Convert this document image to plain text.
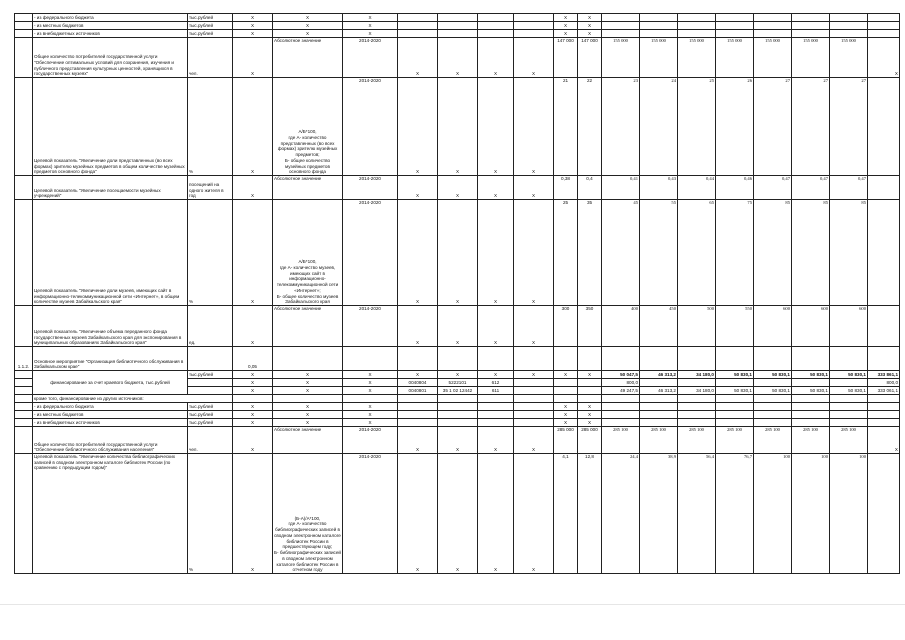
	- из федерального бюджета	тыс.рублей	Х	Х	Х					Х	Х								
	- из местных бюджетов	тыс.рублей	Х	Х	Х					Х	Х								
	- из внебюджетных источников	тыс.рублей	Х	Х	Х					Х	Х								
	Общее количество потребителей государственной услуги "Обеспечение оптимальных условий для сохранения, изучения и публичного представления культурных ценностей, хранящихся в государственных музеях"	чел.	Х	Абсолютное значение	2014-2020	Х	Х	Х	Х	147 000	147 000	155 000	155 000	155 000	155 000	155 000	155 000	155 000	Х
	Целевой показатель "Увеличение доли представленных (во всех формах) зрителю музейных предметов в общем количестве музейных предметов основного фонда"	%	Х	А/Б*100,
где А- количество представленных (во всех формах) зрителю музейных предметов;
Б- общее количество музейных предметов основного фонда	2014-2020	Х	Х	Х	Х	21	22	23	24	25	26	27	27	27	
	Целевой показатель "Увеличение посещаемости музейных учреждений"	посещений на одного жителя в год	Х	Абсолютное значение	2014-2020	Х	Х	Х	Х	0,38	0,4	0,41	0,43	0,44	0,46	0,47	0,47	0,47	
	Целевой показатель "Увеличение доли музеев, имеющих сайт в информационно-телекоммуникационной сети «Интернет», в общем количестве музеев Забайкальского края"	%	Х	А/Б*100,
где А- количество музеев, имеющих сайт в информационно-телекоммуникационной сети «Интернет»;
Б- общее количество музеев Забайкальского края	2014-2020	Х	Х	Х	Х	25	35	45	55	65	75	85	85	85	
	Целевой показатель "Увеличение объема переданного фонда государственных музеев Забайкальского края для экспонирования в муниципальных образованиях Забайкальского края"	ед.	Х	Абсолютное значение	2014-2020	Х	Х	Х	Х	300	350	400	450	500	550	600	600	600	
1.1.2.	Основное мероприятие "Организация библиотечного обслуживания в Забайкальском крае"		0,05																
	финансирование за счет краевого бюджета, тыс.рублей	тыс.рублей	Х	Х	Х	Х	Х	Х	Х	Х	Х	50 047,5	46 313,2	34 180,0	50 830,1	50 830,1	50 830,1	50 830,1	333 861,1
			Х	Х	Х	0040804	5222101	612				800,0							800,0
			Х	Х	Х	0040801	35 1 02 12442	611				49 247,5	46 313,2	34 180,0	50 830,1	50 830,1	50 830,1	50 830,1	333 061,1
	кроме того, финансирование из других источников:																		
	- из федерального бюджета	тыс.рублей	Х	Х	Х					Х	Х								
	- из местных бюджетов	тыс.рублей	Х	Х	Х					Х	Х								
	- из внебюджетных источников	тыс.рублей	Х	Х	Х					Х	Х								
	Общее количество потребителей государственной услуги "Обеспечение библиотечного обслуживания населения"	чел.	Х	Абсолютное значение	2014-2020	Х	Х	Х	Х	285 000	285 000	285 100	285 100	285 100	285 100	285 100	285 100	285 100	Х
	Целевой показатель "Увеличение количества библиографических записей в сводном электронном каталоге библиотек России (по сравнению с предыдущим годом)"	%	Х	(Б-А)/А*100,
где А- количество библиографических записей в сводном электронном каталоге библиотек России в предшествующем году;
Б- библиографических записей в сводном электронном каталоге библиотек России в отчетном году	2014-2020	Х	Х	Х	Х	4,1	12,8	24,4	38,9	56,4	76,7	100	100	100	
